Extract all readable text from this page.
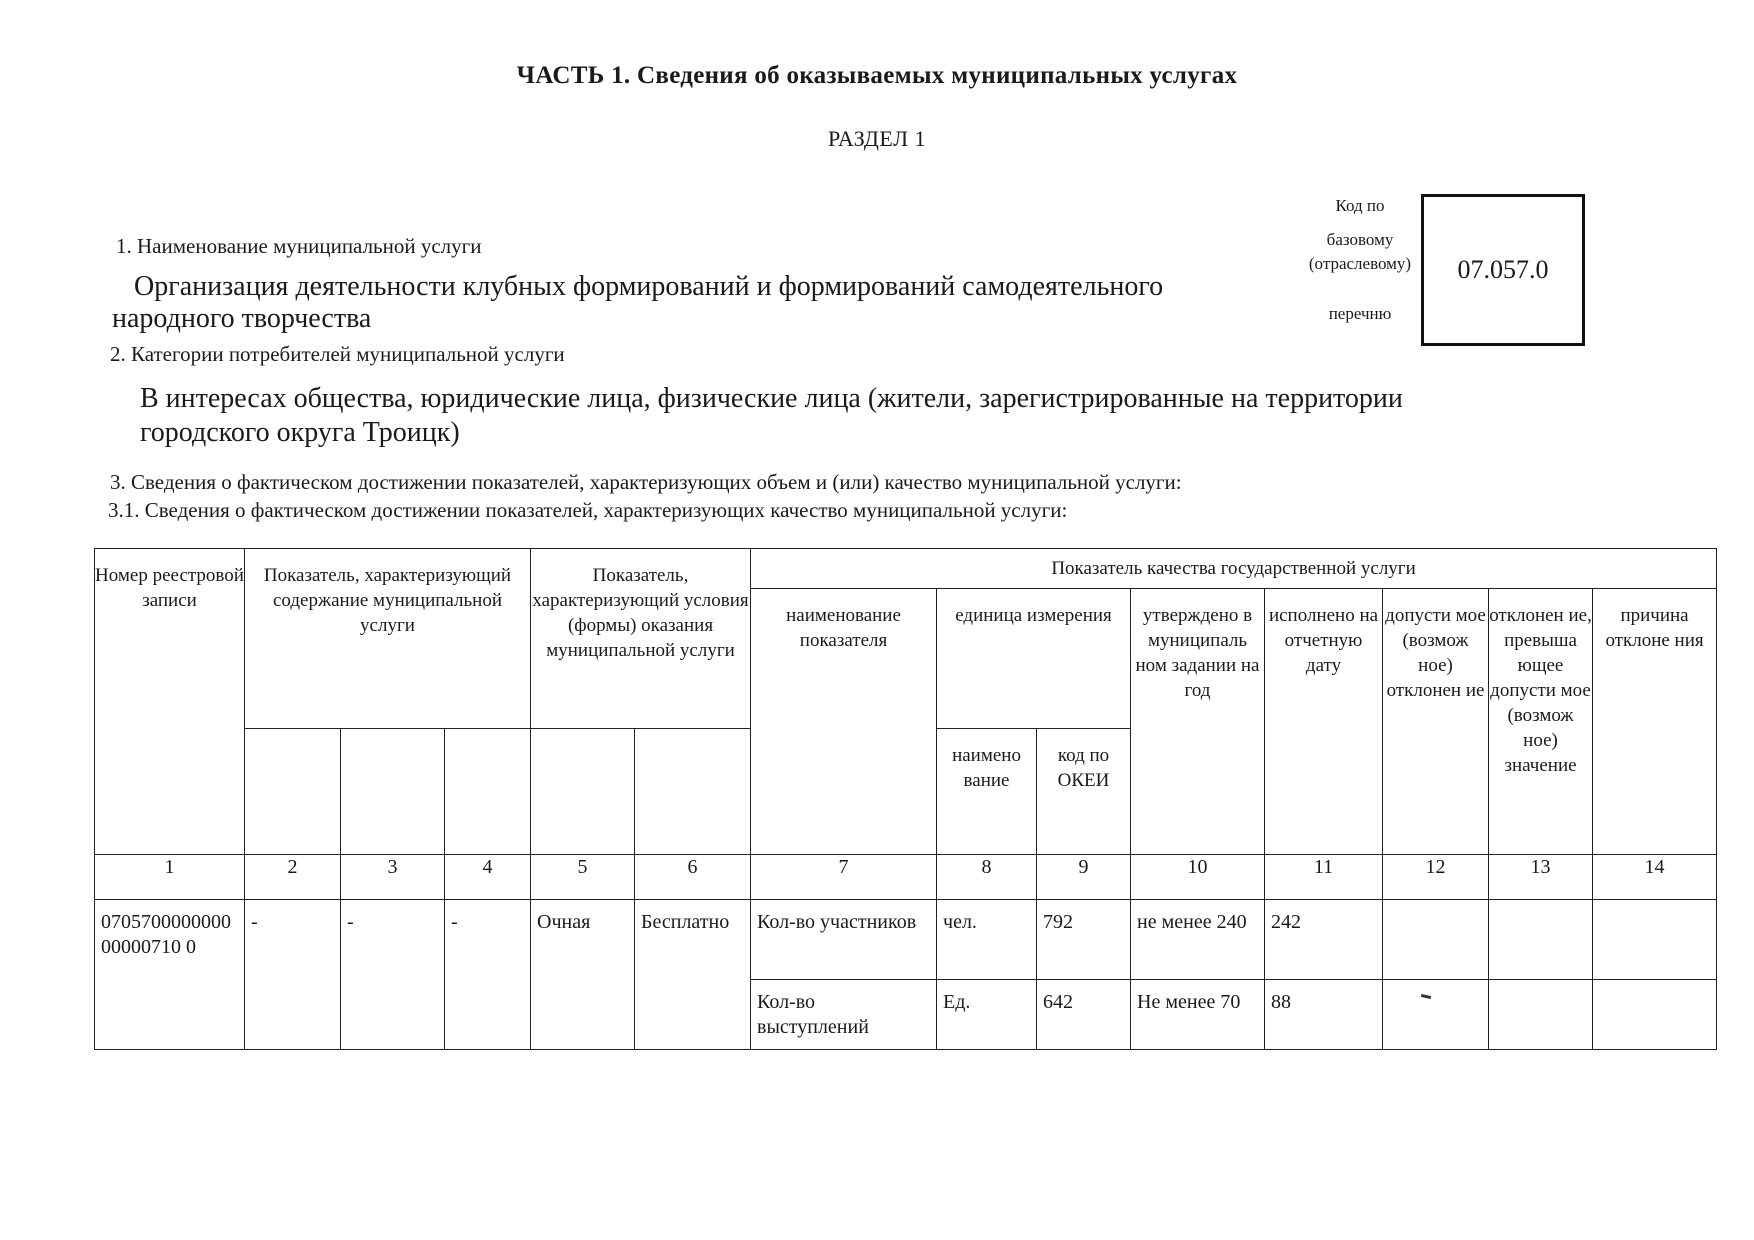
ЧАСТЬ 1. Сведения об оказываемых муниципальных услугах
РАЗДЕЛ 1
1. Наименование муниципальной услуги
Организация деятельности клубных формирований и формирований самодеятельного
народного творчества
2. Категории потребителей муниципальной услуги
В интересах общества, юридические лица, физические лица (жители, зарегистрированные на территории
городского округа Троицк)
3. Сведения о фактическом достижении показателей, характеризующих объем и (или) качество муниципальной услуги:
3.1. Сведения о фактическом достижении показателей, характеризующих качество муниципальной услуги:
Код по
базовому
(отраслевому)
перечню
07.057.0
Номер реестровой записи	Показатель, характеризующий содержание муниципальной услуги			Показатель, характеризующий условия (формы) оказания муниципальной услуги		Показатель качества государственной услуги							
						наименование показателя	единица измерения		утверждено в муниципаль ном задании на год	исполнено на отчетную дату	допусти мое (возмож ное) отклонен ие	отклонен ие, превыша ющее допусти мое (возмож ное) значение	причина отклоне ния
							наимено вание	код по ОКЕИ					
1	2	3	4	5	6	7	8	9	10	11	12	13	14
070570000000000000710 0	-	-	-	Очная	Бесплатно	Кол-во участников	чел.	792	не менее 240	242			
						Кол-во выступлений	Ед.	642	Не менее 70	88			
